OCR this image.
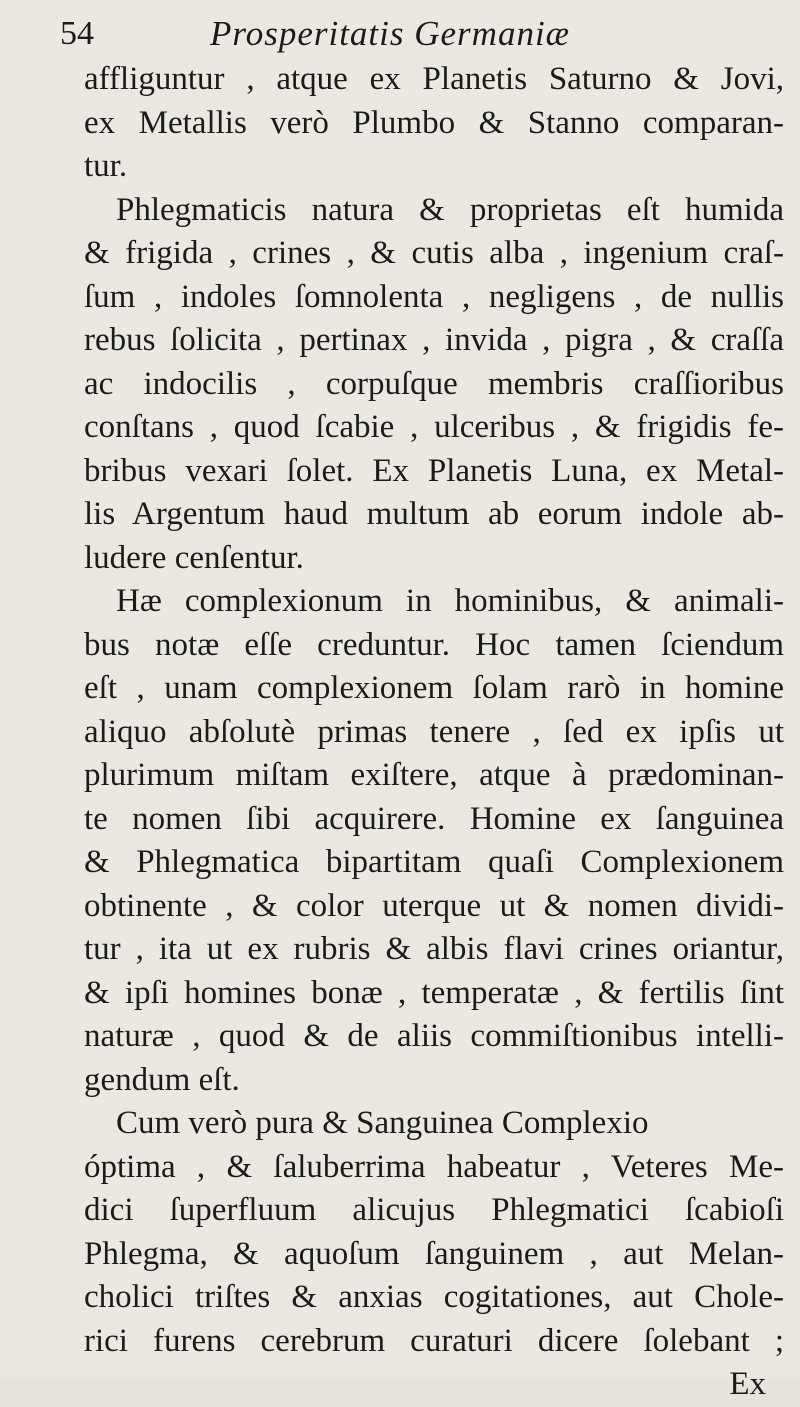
54	Prosperitatis Germaniæ
affliguntur , atque ex Planetis Saturno & Jovi,
ex Metallis verò Plumbo & Stanno comparan-
tur.
Phlegmaticis natura & proprietas eſt humida
& frigida , crines , & cutis alba , ingenium craſ-
ſum , indoles ſomnolenta , negligens , de nullis
rebus ſolicita , pertinax , invida , pigra , & craſſa
ac indocilis , corpuſque membris craſſioribus
conſtans , quod ſcabie , ulceribus , & frigidis fe-
bribus vexari ſolet. Ex Planetis Luna, ex Metal-
lis Argentum haud multum ab eorum indole ab-
ludere cenſentur.
Hæ complexionum in hominibus, & animali-
bus notæ eſſe creduntur. Hoc tamen ſciendum
eſt , unam complexionem ſolam rarò in homine
aliquo abſolutè primas tenere , ſed ex ipſis ut
plurimum miſtam exiſtere, atque à prædominan-
te nomen ſibi acquirere. Homine ex ſanguinea
& Phlegmatica bipartitam quaſi Complexionem
obtinente , & color uterque ut & nomen dividi-
tur , ita ut ex rubris & albis flavi crines oriantur,
& ipſi homines bonæ , temperatæ , & fertilis ſint
naturæ , quod & de aliis commiſtionibus intelli-
gendum eſt.
Cum verò pura & Sanguinea Complexio
óptima , & ſaluberrima habeatur , Veteres Me-
dici ſuperfluum alicujus Phlegmatici ſcabioſi
Phlegma, & aquoſum ſanguinem , aut Melan-
cholici triſtes & anxias cogitationes, aut Chole-
rici furens cerebrum curaturi dicere ſolebant ;
Ex
